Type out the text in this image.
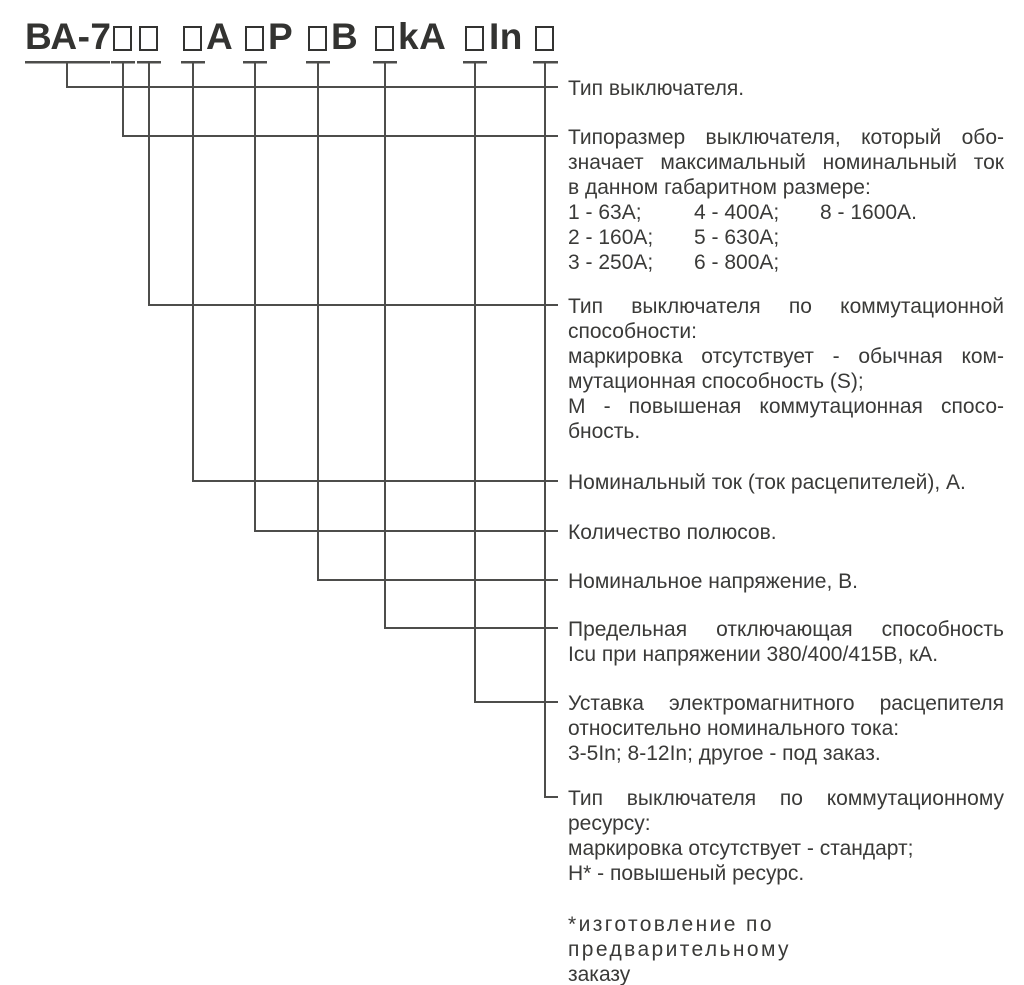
ВА-7	А Р В kA In
Тип выключателя.
Типоразмер выключателя, который обо-
значает максимальный номинальный ток
в данном габаритном размере:
1 - 63А; 4 - 400А; 8 - 1600А.
2 - 160А; 5 - 630А;
3 - 250А; 6 - 800А;
Тип выключателя по коммутационной
способности:
маркировка отсутствует - обычная ком-
мутационная способность (S);
М - повышеная коммутационная спосо-
бность.
Номинальный ток (ток расцепителей), А.
Количество полюсов.
Номинальное напряжение, В.
Предельная отключающая способность
Icu при напряжении 380/400/415В, кА.
Уставка электромагнитного расцепителя
относительно номинального тока:
3-5In; 8-12In; другое - под заказ.
Тип выключателя по коммутационному
ресурсу:
маркировка отсутствует - стандарт;
Н* - повышеный ресурс.
*изготовление по предварительному
заказу
